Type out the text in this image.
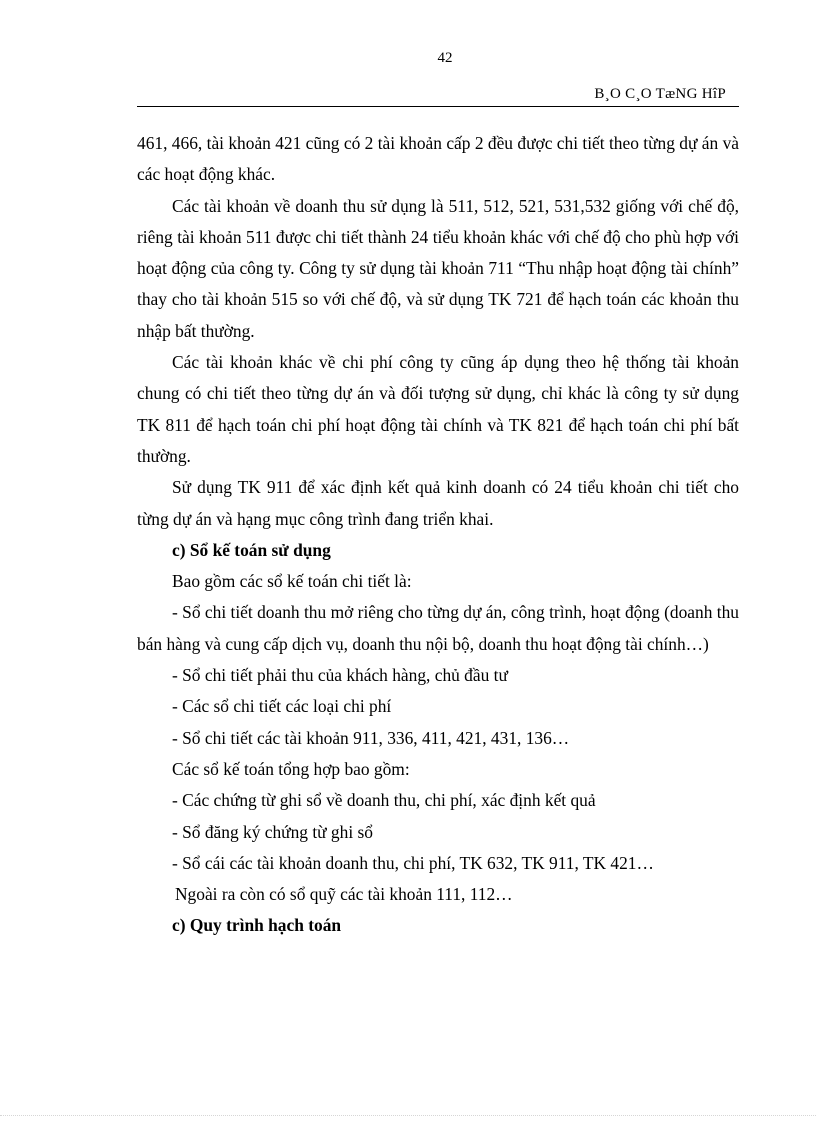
42
B¸O C¸O TæNG HîP

461, 466, tài khoản 421 cũng có 2 tài khoản cấp 2 đều được chi tiết theo từng dự án và các hoạt động khác.

Các tài khoản về doanh thu sử dụng là 511, 512, 521, 531,532 giống với chế độ, riêng tài khoản 511 được chi tiết thành 24 tiểu khoản khác với chế độ cho phù hợp với hoạt động của công ty. Công ty sử dụng tài khoản 711 “Thu nhập hoạt động tài chính” thay cho tài khoản 515 so với chế độ, và sử dụng TK 721 để hạch toán các khoản thu nhập bất thường.

Các tài khoản khác về chi phí công ty cũng áp dụng theo hệ thống tài khoản chung có chi tiết theo từng dự án và đối tượng sử dụng, chỉ khác là công ty sử dụng TK 811 để hạch toán chi phí hoạt động tài chính và TK 821 để hạch toán chi phí bất thường.

Sử dụng TK 911 để xác định kết quả kinh doanh có 24 tiểu khoản chi tiết cho từng dự án và hạng mục công trình đang triển khai.

c) Sổ kế toán sử dụng

Bao gồm các sổ kế toán chi tiết là:

- Sổ chi tiết doanh thu mở riêng cho từng dự án, công trình, hoạt động (doanh thu bán hàng và cung cấp dịch vụ, doanh thu nội bộ, doanh thu hoạt động tài chính…)

- Sổ chi tiết phải thu của khách hàng, chủ đầu tư

- Các sổ chi tiết các loại chi phí

- Sổ chi tiết các tài khoản 911, 336, 411, 421, 431, 136…

Các sổ kế toán tổng hợp bao gồm:

- Các chứng từ ghi sổ về doanh thu, chi phí, xác định kết quả

- Sổ đăng ký chứng từ ghi sổ

- Sổ cái các tài khoản doanh thu, chi phí, TK 632, TK 911, TK 421…

Ngoài ra còn có sổ quỹ các tài khoản 111, 112…

c) Quy trình hạch toán
